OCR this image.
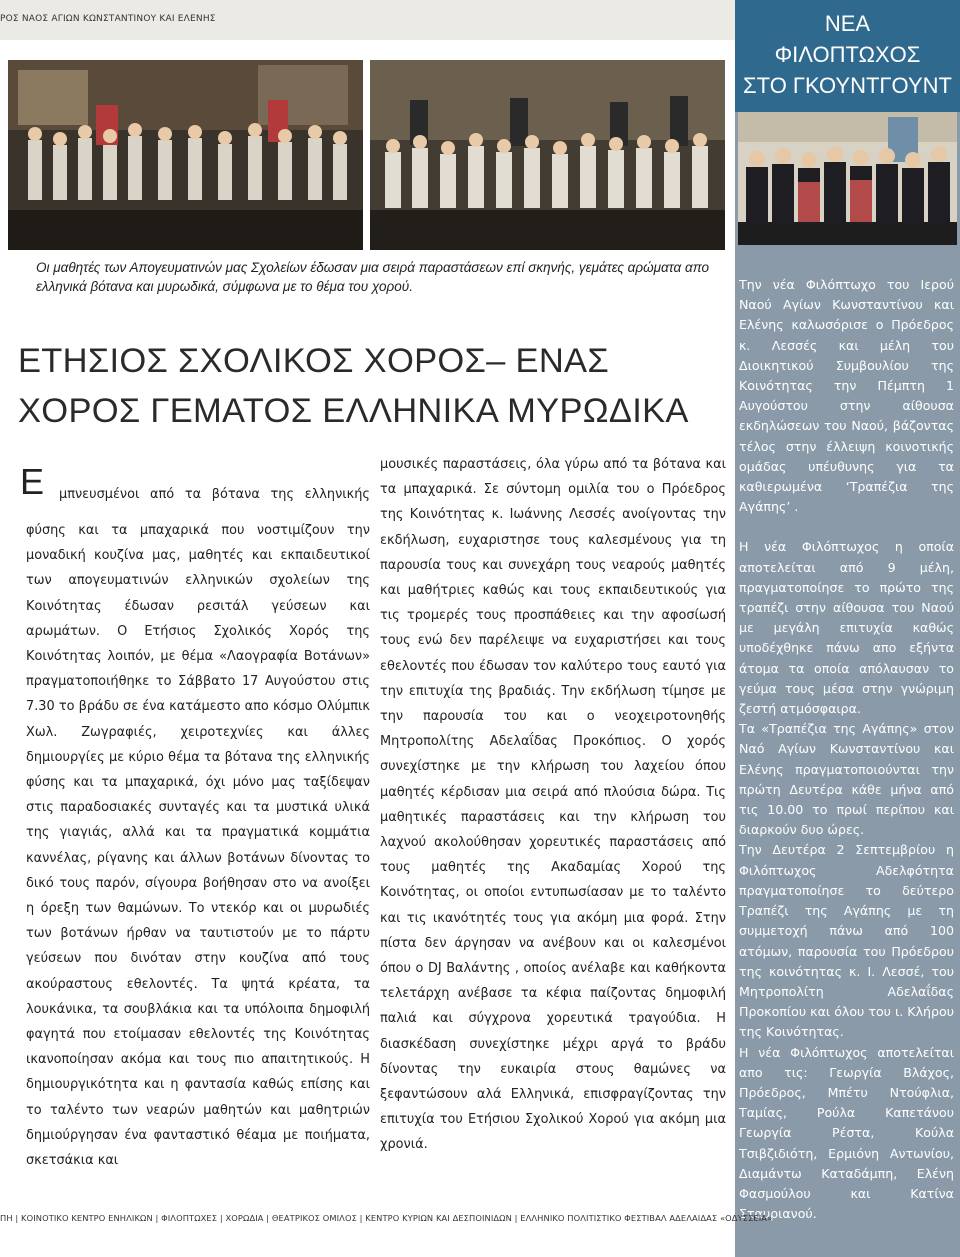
ΡΟΣ ΝΑΟΣ ΑΓΙΩΝ ΚΩΝΣΤΑΝΤΙΝΟΥ ΚΑΙ ΕΛΕΝΗΣ
Οι μαθητές των Απογευματινών μας Σχολείων έδωσαν μια σειρά παραστάσεων επί σκηνής, γεμάτες αρώματα απο ελληνικά βότανα και μυρωδικά, σύμφωνα με το θέμα του χορού.
ΕΤΗΣΙΟΣ ΣΧΟΛΙΚΟΣ ΧΟΡΟΣ– ΕΝΑΣ
ΧΟΡΟΣ ΓΕΜΑΤΟΣ ΕΛΛΗΝΙΚΑ ΜΥΡΩΔΙΚΑ
Ε μπνευσμένοι από τα βότανα της ελληνικής
φύσης και τα μπαχαρικά που νοστιμίζουν την μοναδική κουζίνα μας, μαθητές και εκπαιδευτικοί των απογευματινών ελληνικών σχολείων της Κοινότητας έδωσαν ρεσιτάλ γεύσεων και αρωμάτων. Ο Ετήσιος Σχολικός Χορός της Κοινότητας λοιπόν, με θέμα «Λαογραφία Βοτάνων» πραγματοποιήθηκε το Σάββατο 17 Αυγούστου στις 7.30 το βράδυ σε ένα κατάμεστο απο κόσμο Ολύμπικ Χωλ. Ζωγραφιές, χειροτεχνίες και άλλες δημιουργίες με κύριο θέμα τα βότανα της ελληνικής φύσης και τα μπαχαρικά, όχι μόνο μας ταξίδεψαν στις παραδοσιακές συνταγές και τα μυστικά υλικά της γιαγιάς, αλλά και τα πραγματικά κομμάτια καννέλας, ρίγανης και άλλων βοτάνων δίνοντας το δικό τους παρόν, σίγουρα βοήθησαν στο να ανοίξει η όρεξη των θαμώνων. Το ντεκόρ και οι μυρωδιές των βοτάνων ήρθαν να ταυτιστούν με το πάρτυ γεύσεων που δινόταν στην κουζίνα από τους ακούραστους εθελοντές. Τα ψητά κρέατα, τα λουκάνικα, τα σουβλάκια και τα υπόλοιπα δημοφιλή φαγητά που ετοίμασαν εθελοντές της Κοινότητας ικανοποίησαν ακόμα και τους πιο απαιτητικούς. Η δημιουργικότητα και η φαντασία καθώς επίσης και το ταλέντο των νεαρών μαθητών και μαθητριών δημιούργησαν ένα φανταστικό θέαμα με ποιήματα, σκετσάκια και
μουσικές παραστάσεις, όλα γύρω από τα βότανα και τα μπαχαρικά. Σε σύντομη ομιλία του ο Πρόεδρος της Κοινότητας κ. Ιωάννης Λεσσές ανοίγοντας την εκδήλωση, ευχαριστησε τους καλεσμένους για τη παρουσία τους και συνεχάρη τους νεαρούς μαθητές και μαθήτριες καθώς και τους εκπαιδευτικούς για τις τρομερές τους προσπάθειες και την αφοσίωσή τους ενώ δεν παρέλειψε να ευχαριστήσει και τους εθελοντές που έδωσαν τον καλύτερο τους εαυτό για την επιτυχία της βραδιάς. Την εκδήλωση τίμησε με την παρουσία του και ο νεοχειροτονηθής Μητροπολίτης Αδελαΐδας Προκόπιος. Ο χορός συνεχίστηκε με την κλήρωση του λαχείου όπου μαθητές κέρδισαν μια σειρά από πλούσια δώρα. Τις μαθητικές παραστάσεις και την κλήρωση του λαχνού ακολούθησαν χορευτικές παραστάσεις από τους μαθητές της Ακαδαμίας Χορού της Κοινότητας, οι οποίοι εντυπωσίασαν με το ταλέντο και τις ικανότητές τους για ακόμη μια φορά. Στην πίστα δεν άργησαν να ανέβουν και οι καλεσμένοι όπου ο DJ Βαλάντης , οποίος ανέλαβε και καθήκοντα τελετάρχη ανέβασε τα κέφια παίζοντας δημοφιλή παλιά και σύγχρονα χορευτικά τραγούδια. Η διασκέδαση συνεχίστηκε μέχρι αργά το βράδυ δίνοντας την ευκαιρία στους θαμώνες να ξεφαντώσουν αλά Ελληνικά, επισφραγίζοντας την επιτυχία του Ετήσιου Σχολικού Χορού για ακόμη μια χρονιά.
ΝΕΑ
ΦΙΛΟΠΤΩΧΟΣ
ΣΤΟ ΓΚΟΥΝΤΓΟΥΝΤ

Την νέα Φιλόπτωχο του Ιερού Ναού Αγίων Κωνσταντίνου και Ελένης καλωσόρισε ο Πρόεδρος κ. Λεσσές και μέλη του Διοικητικού Συμβουλίου της Κοινότητας την Πέμπτη 1 Αυγούστου στην αίθουσα εκδηλώσεων του Ναού, βάζοντας τέλος στην έλλειψη κοινοτικής ομάδας υπέυθυνης για τα καθιερωμένα ‘Τραπέζια της Αγάπης’ .

Η νέα Φιλόπτωχος η οποία αποτελείται από 9 μέλη, πραγματοποίησε το πρώτο της τραπέζι στην αίθουσα του Ναού με μεγάλη επιτυχία καθώς υποδέχθηκε πάνω απο εξήντα άτομα τα οποία απόλαυσαν το γεύμα τους μέσα στην γνώριμη ζεστή ατμόσφαιρα.

Τα «Τραπέζια της Αγάπης» στον Ναό Αγίων Κωνσταντίνου και Ελένης πραγματοποιούνται την πρώτη Δευτέρα κάθε μήνα από τις 10.00 το πρωί περίπου και διαρκούν δυο ώρες.

Την Δευτέρα 2 Σεπτεμβρίου η Φιλόπτωχος Αδελφότητα πραγματοποίησε το δεύτερο Τραπέζι της Αγάπης με τη συμμετοχή πάνω από 100 ατόμων, παρουσία του Πρόεδρου της κοινότητας κ. Ι. Λεσσέ, του Μητροπολίτη Αδελαΐδας Προκοπίου και όλου του ι. Κλήρου της Κοινότητας.

Η νέα Φιλόπτωχος αποτελείται απο τις: Γεωργία Βλάχος, Πρόεδρος, Μπέτυ Ντούφλια, Ταμίας, Ρούλα Καπετάνου Γεωργία Ρέστα, Κούλα Τσιβζιδιότη, Ερμιόνη Αντωνίου, Διαμάντω Καταδάμπη, Ελένη Φασμούλου και Κατίνα Σταυριανού.

ΠΗ | ΚΟΙΝΟΤΙΚΟ ΚΕΝΤΡΟ ΕΝΗΛΙΚΩΝ | ΦΙΛΟΠΤΩΧΕΣ | ΧΟΡΩΔΙΑ | ΘΕΑΤΡΙΚΟΣ ΟΜΙΛΟΣ | ΚΕΝΤΡΟ ΚΥΡΙΩΝ ΚΑΙ ΔΕΣΠΟΙΝΙΔΩΝ | ΕΛΛΗΝΙΚΟ ΠΟΛΙΤΙΣΤΙΚΟ ΦΕΣΤΙΒΑΛ ΑΔΕΛΑΙΔΑΣ «ΟΔΥΣΣΕΙΑ»
